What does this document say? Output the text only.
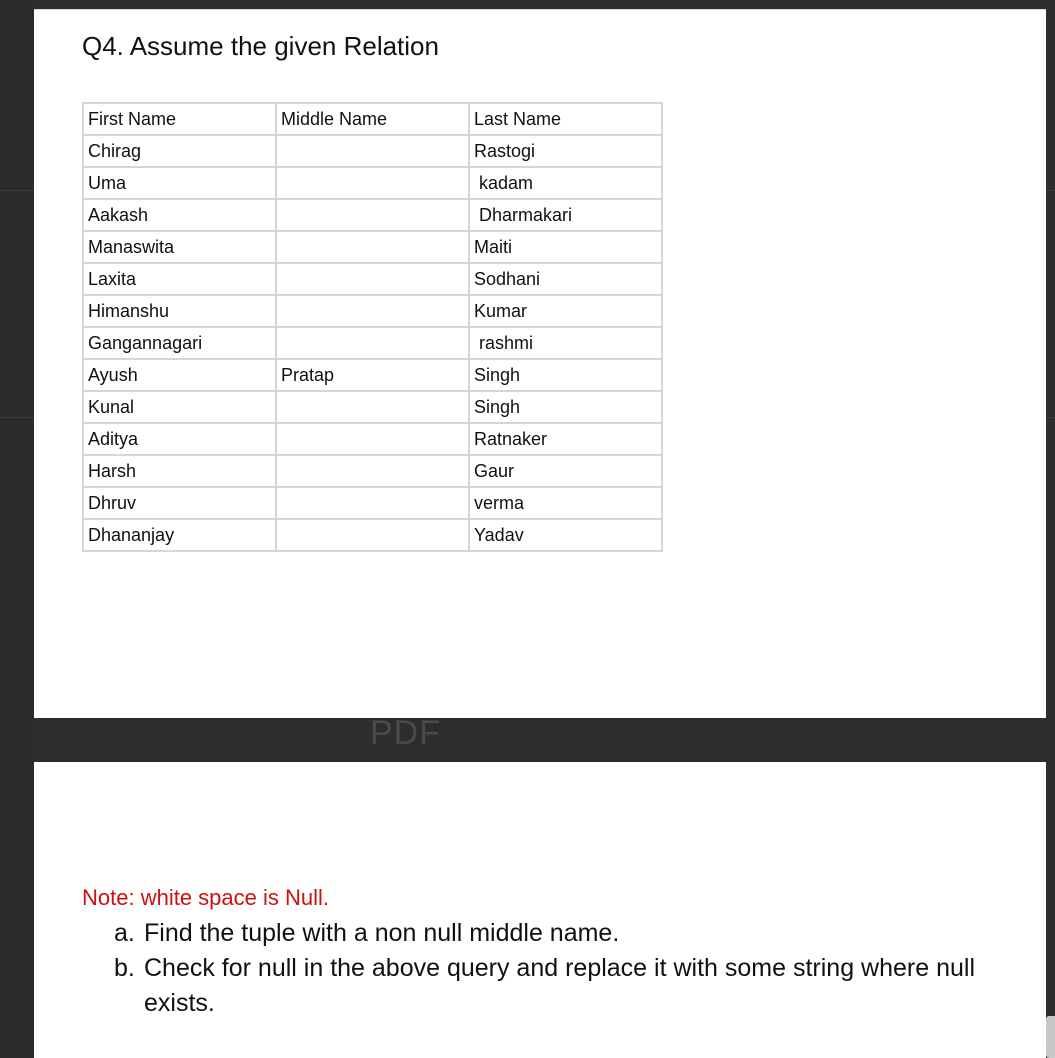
Q4. Assume the given Relation
First Name	Middle Name	Last Name
Chirag		Rastogi
Uma		kadam
Aakash		Dharmakari
Manaswita		Maiti
Laxita		Sodhani
Himanshu		Kumar
Gangannagari		rashmi
Ayush	Pratap	Singh
Kunal		Singh
Aditya		Ratnaker
Harsh		Gaur
Dhruv		verma
Dhananjay		Yadav
PDF
Note: white space is Null.
a. Find the tuple with a non null middle name.
b. Check for null in the above query and replace it with some string where null exists.
